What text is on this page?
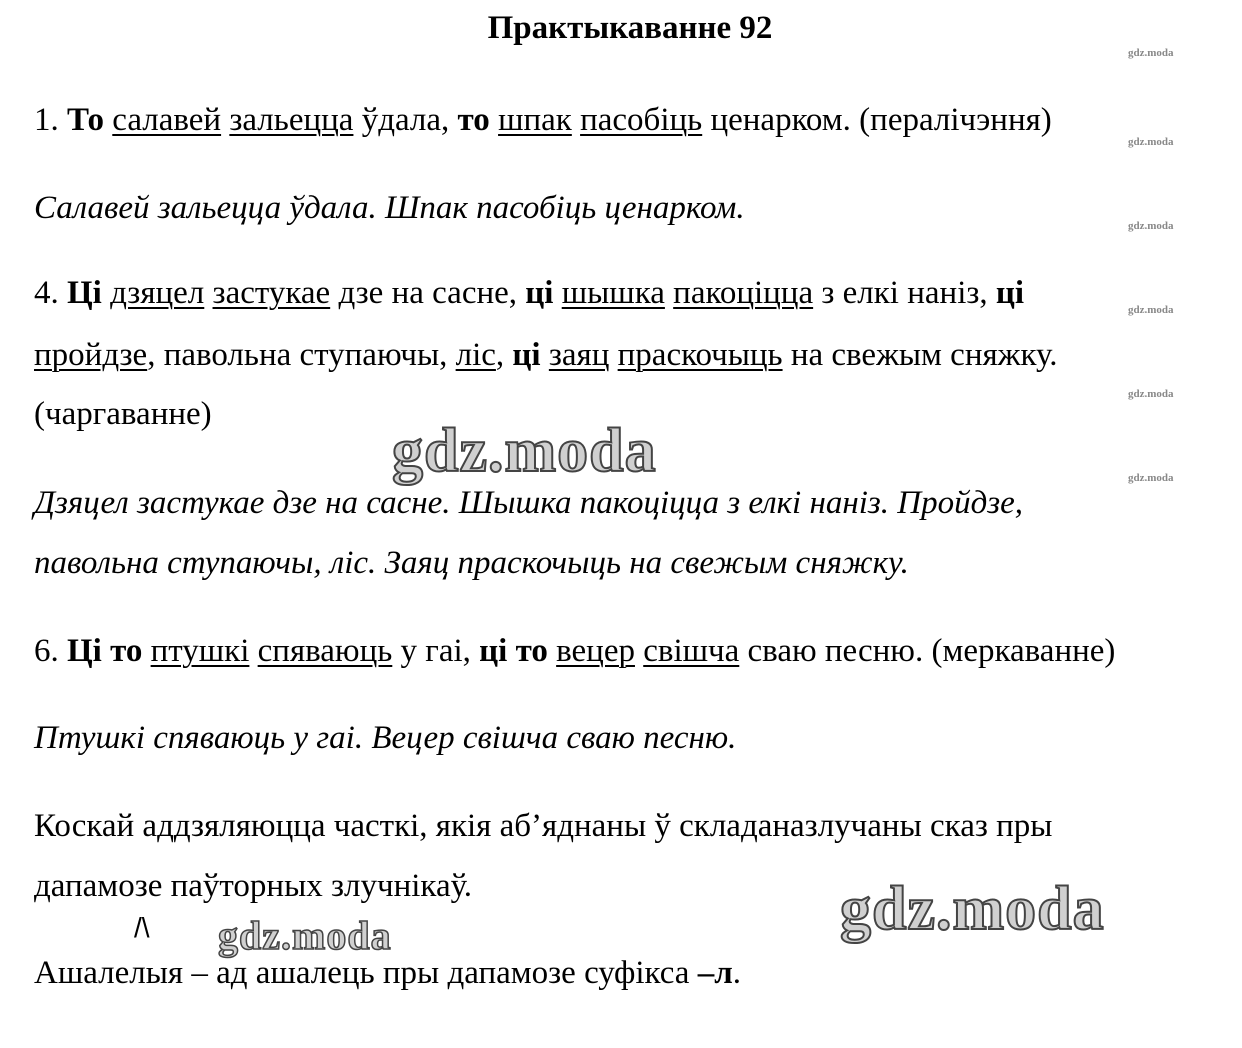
Практыкаванне 92
1. То салавей зальецца ўдала, то шпак пасобіць ценарком. (пералічэння)
Салавей зальецца ўдала. Шпак пасобіць ценарком.
4. Ці дзяцел застукае дзе на сасне, ці шышка пакоціцца з елкі наніз, ці
пройдзе, павольна ступаючы, ліс, ці заяц праскочыць на свежым сняжку.
(чаргаванне)
Дзяцел застукае дзе на сасне. Шышка пакоціцца з елкі наніз. Пройдзе,
павольна ступаючы, ліс. Заяц праскочыць на свежым сняжку.
6. Ці то птушкі спяваюць у гаі, ці то вецер свішча сваю песню. (меркаванне)
Птушкі спяваюць у гаі. Вецер свішча сваю песню.
Коскай аддзяляюцца часткі, якія аб’яднаны ў складаназлучаны сказ пры
дапамозе паўторных злучнікаў.
/\
Ашалелыя – ад ашалець пры дапамозе суфікса –л.
gdz.moda
gdz.moda
gdz.moda
gdz.moda
gdz.moda
gdz.moda
gdz.moda
gdz.moda
gdz.moda
